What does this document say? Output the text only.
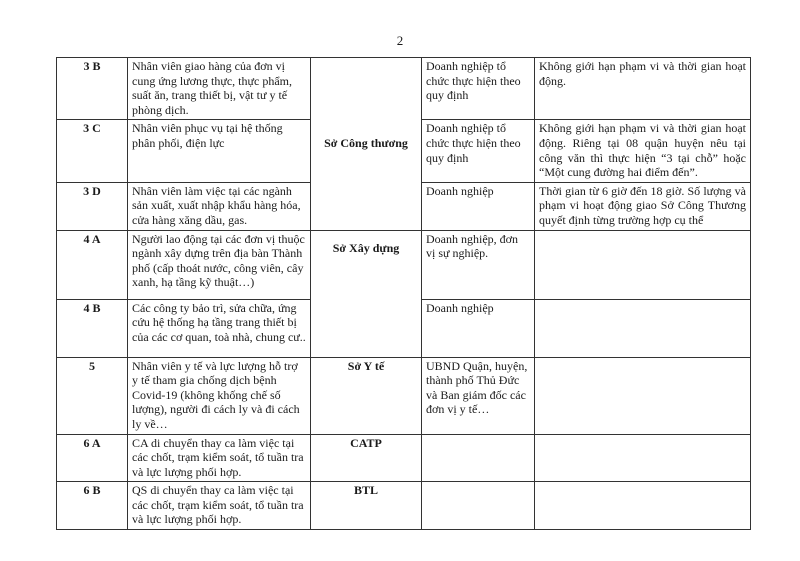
2
3 B	Nhân viên giao hàng của đơn vị cung ứng lương thực, thực phẩm, suất ăn, trang thiết bị, vật tư y tế phòng dịch.	Sở Công thương	Doanh nghiệp tổ chức thực hiện theo quy định	Không giới hạn phạm vi và thời gian hoạt động.
3 C	Nhân viên phục vụ tại hệ thống phân phối, điện lực		Doanh nghiệp tổ chức thực hiện theo quy định	Không giới hạn phạm vi và thời gian hoạt động. Riêng tại 08 quận huyện nêu tại công văn thì thực hiện “3 tại chỗ” hoặc “Một cung đường hai điểm đến”.
3 D	Nhân viên làm việc tại các ngành sản xuất, xuất nhập khẩu hàng hóa, cửa hàng xăng dầu, gas.		Doanh nghiệp	Thời gian từ 6 giờ đến 18 giờ. Số lượng và phạm vi hoạt động giao Sở Công Thương quyết định từng trường hợp cụ thể
4 A	Người lao động tại các đơn vị thuộc ngành xây dựng trên địa bàn Thành phố (cấp thoát nước, công viên, cây xanh, hạ tầng kỹ thuật…)	Sở Xây dựng	Doanh nghiệp, đơn vị sự nghiệp.	
4 B	Các công ty bảo trì, sửa chữa, ứng cứu hệ thống hạ tầng trang thiết bị của các cơ quan, toà nhà, chung cư..		Doanh nghiệp	
5	Nhân viên y tế và lực lượng hỗ trợ y tế tham gia chống dịch bệnh Covid-19 (không khống chế số lượng), người đi cách ly và đi cách ly về…	Sở Y tế	UBND Quận, huyện, thành phố Thủ Đức và Ban giám đốc các đơn vị y tế…	
6 A	CA di chuyển thay ca làm việc tại các chốt, trạm kiểm soát, tổ tuần tra và lực lượng phối hợp.	CATP		
6 B	QS di chuyển thay ca làm việc tại các chốt, trạm kiểm soát, tổ tuần tra và lực lượng phối hợp.	BTL		
